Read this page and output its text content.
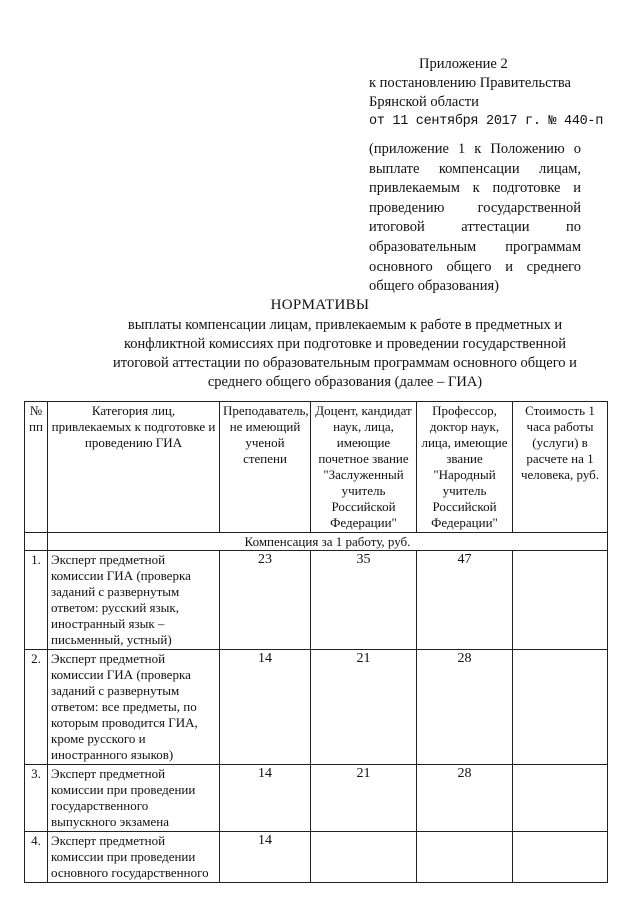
Приложение 2
к постановлению Правительства
Брянской области
от 11 сентября 2017 г. № 440-п
(приложение 1 к Положению о выплате компенсации лицам, привлекаемым к подготовке и проведению государственной итоговой аттестации по образовательным программам основного общего и среднего общего образования)
НОРМАТИВЫ
выплаты компенсации лицам, привлекаемым к работе в предметных и конфликтной комиссиях при подготовке и проведении государственной итоговой аттестации по образовательным программам основного общего и среднего общего образования (далее – ГИА)
№ пп	Категория лиц, привлекаемых к подготовке и проведению ГИА	Преподаватель, не имеющий ученой степени	Доцент, кандидат наук, лица, имеющие почетное звание "Заслуженный учитель Российской Федерации"	Профессор, доктор наук, лица, имеющие звание "Народный учитель Российской Федерации"	Стоимость 1 часа работы (услуги) в расчете на 1 человека, руб.
	Компенсация за 1 работу, руб.				
1.	Эксперт предметной комиссии ГИА (проверка заданий с развернутым ответом: русский язык, иностранный язык – письменный, устный)	23	35	47	
2.	Эксперт предметной комиссии ГИА (проверка заданий с развернутым ответом: все предметы, по которым проводится ГИА, кроме русского и иностранного языков)	14	21	28	
3.	Эксперт предметной комиссии при проведении государственного выпускного экзамена	14	21	28	
4.	Эксперт предметной комиссии при проведении основного государственного	14			
